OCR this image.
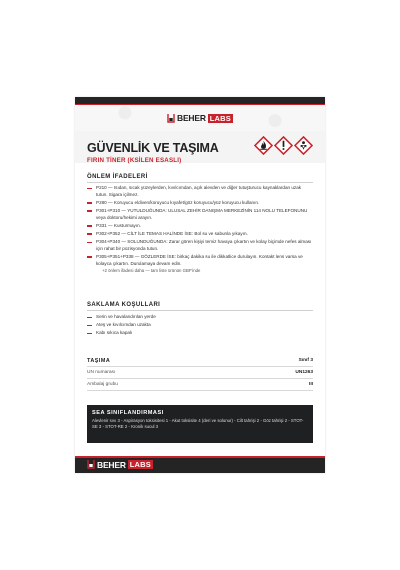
BEHER LABS
GÜVENLİK VE TAŞIMA
FIRIN TİNER (KSİLEN ESASLI)
ÖNLEM İFADELERİ
P210 — Isıdan, sıcak yüzeylerden, kıvılcımdan, açık alevden ve diğer tutuşturucu kaynaklardan uzak tutun. Sigara içilmez.
P280 — Koruyucu eldiven/koruyucu kıyafet/göz koruyucu/yüz koruyucu kullanın.
P301+P310 — YUTULDUĞUNDA: ULUSAL ZEHİR DANIŞMA MERKEZİNİN 114 NOLU TELEFONUNU veya doktoru/hekimi arayın.
P331 — Kusturmayın.
P302+P352 — CİLT İLE TEMAS HALİNDE İSE: Bol su ve sabunla yıkayın.
P304+P340 — SOLUNDUĞUNDA: Zarar gören kişiyi temiz havaya çıkartın ve kolay biçimde nefes alması için rahat bir pozisyonda tutun.
P305+P351+P338 — GÖZLERDE İSE: birkaç dakika su ile dikkatlice durulayın. Kontakt lens varsa ve kolayca çıkartın. Durulamaya devam edin.
+2 önlem ifadesi daha — tam liste ürünün GBF'inde
SAKLAMA KOŞULLARI
Serin ve havalandırılan yerde
Ateş ve kıvılcımdan uzakta
Kabı sıkıca kapalı
TAŞIMA	Sınıf 3
UN numarası	UN1263
Ambalaj grubu	III
SEA SINIFLANDIRMASI
Alevlenir sıvı 3 - Aspirasyon toksisitesi 1 - Akut toksisite 4 (deri ve solunur) - Cilt tahrişi 2 - Göz tahrişi 2 - STOT-SE 3 - STOT-RE 2 - Kronik sucul 3
BEHER LABS
